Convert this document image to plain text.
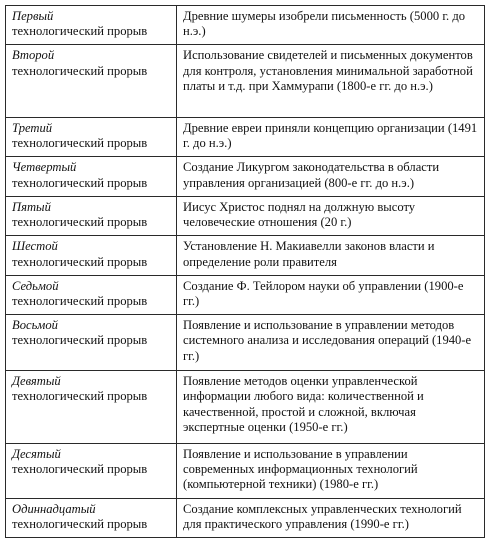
Первый
технологический прорыв	Древние шумеры изобрели письменность (5000 г. до н.э.)

Второй
технологический прорыв	Использование свидетелей и письменных документов для контроля, установления минимальной заработной платы и т.д. при Хаммурапи (1800-е гг. до н.э.)

Третий
технологический прорыв	Древние евреи приняли концепцию организации (1491 г. до н.э.)

Четвертый
технологический прорыв	Создание Ликургом законодательства в области управления организацией (800-е гг. до н.э.)

Пятый
технологический прорыв	Иисус Христос поднял на должную высоту человеческие отношения (20 г.)

Шестой
технологический прорыв	Установление Н. Макиавелли законов власти и определение роли правителя

Седьмой
технологический прорыв	Создание Ф. Тейлором науки об управлении (1900-е гг.)

Восьмой
технологический прорыв	Появление и использование в управлении методов системного анализа и исследования операций (1940-е гг.)

Девятый
технологический прорыв	Появление методов оценки управленческой информации любого вида: количественной и качественной, простой и сложной, включая экспертные оценки (1950-е гг.)

Десятый
технологический прорыв	Появление и использование в управлении современных информационных технологий (компьютерной техники) (1980-е гг.)

Одиннадцатый
технологический прорыв	Создание комплексных управленческих технологий для практического управления (1990-е гг.)
